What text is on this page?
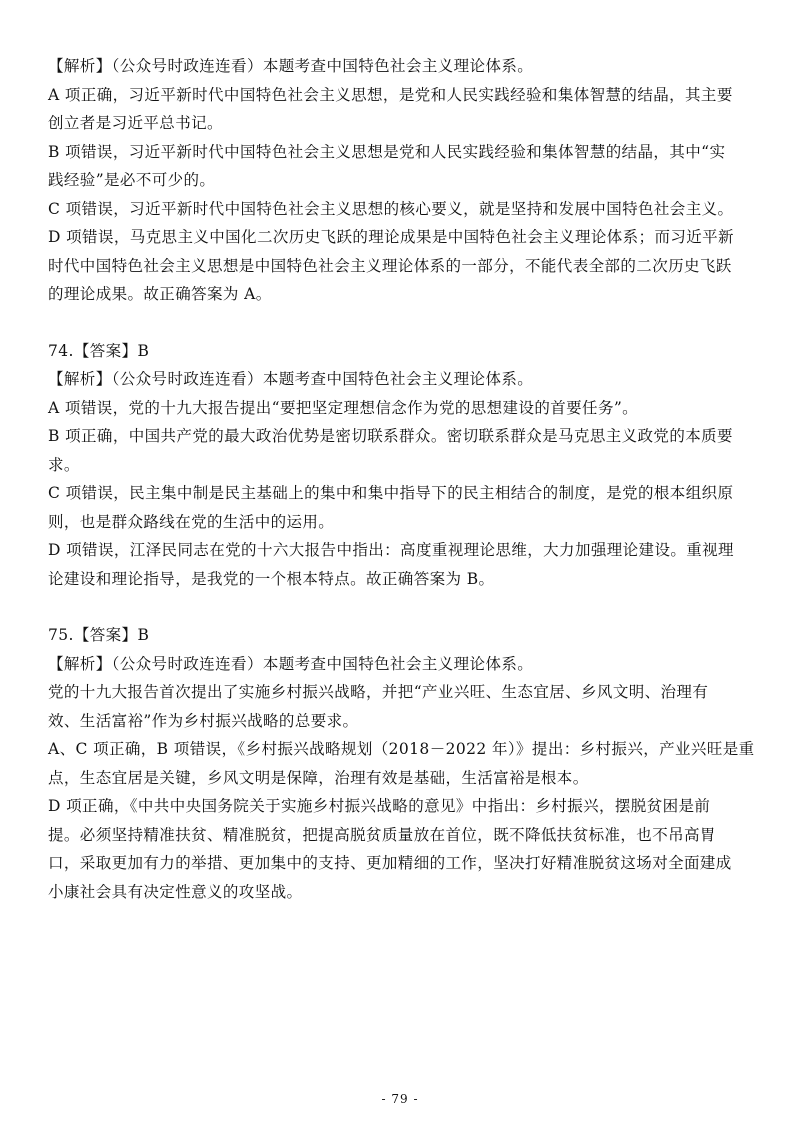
【解析】（公众号时政连连看）本题考查中国特色社会主义理论体系。
A 项正确，习近平新时代中国特色社会主义思想，是党和人民实践经验和集体智慧的结晶，其主要
创立者是习近平总书记。
B 项错误，习近平新时代中国特色社会主义思想是党和人民实践经验和集体智慧的结晶，其中“实
践经验”是必不可少的。
C 项错误，习近平新时代中国特色社会主义思想的核心要义，就是坚持和发展中国特色社会主义。
D 项错误，马克思主义中国化二次历史飞跃的理论成果是中国特色社会主义理论体系；而习近平新
时代中国特色社会主义思想是中国特色社会主义理论体系的一部分，不能代表全部的二次历史飞跃
的理论成果。故正确答案为 A。
74.【答案】B
【解析】（公众号时政连连看）本题考查中国特色社会主义理论体系。
A 项错误，党的十九大报告提出“要把坚定理想信念作为党的思想建设的首要任务”。
B 项正确，中国共产党的最大政治优势是密切联系群众。密切联系群众是马克思主义政党的本质要
求。
C 项错误，民主集中制是民主基础上的集中和集中指导下的民主相结合的制度，是党的根本组织原
则，也是群众路线在党的生活中的运用。
D 项错误，江泽民同志在党的十六大报告中指出：高度重视理论思维，大力加强理论建设。重视理
论建设和理论指导，是我党的一个根本特点。故正确答案为 B。
75.【答案】B
【解析】（公众号时政连连看）本题考查中国特色社会主义理论体系。
党的十九大报告首次提出了实施乡村振兴战略，并把“产业兴旺、生态宜居、乡风文明、治理有
效、生活富裕”作为乡村振兴战略的总要求。
A、C 项正确，B 项错误，《乡村振兴战略规划（2018－2022 年）》提出：乡村振兴，产业兴旺是重
点，生态宜居是关键，乡风文明是保障，治理有效是基础，生活富裕是根本。
D 项正确，《中共中央国务院关于实施乡村振兴战略的意见》中指出：乡村振兴，摆脱贫困是前
提。必须坚持精准扶贫、精准脱贫，把提高脱贫质量放在首位，既不降低扶贫标准，也不吊高胃
口，采取更加有力的举措、更加集中的支持、更加精细的工作，坚决打好精准脱贫这场对全面建成
小康社会具有决定性意义的攻坚战。
- 79 -
